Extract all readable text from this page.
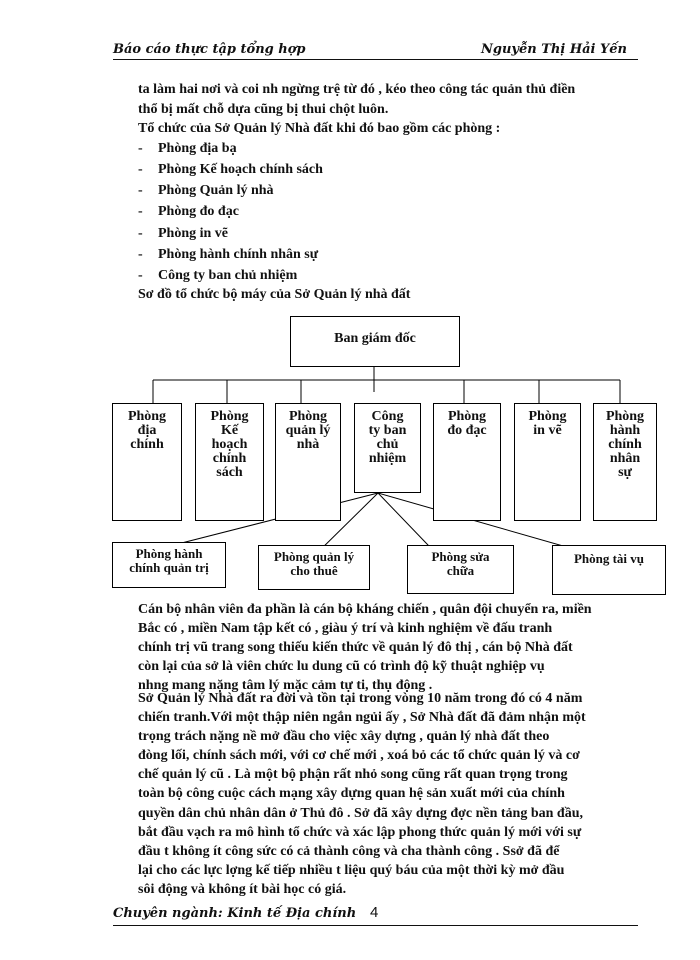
Báo cáo thực tập tổng hợp	Nguyễn Thị Hải Yến
ta làm hai nơi và coi nh ngừng trệ từ đó , kéo theo công tác quản thủ điền
thổ bị mất chỗ dựa cũng bị thui chột luôn.
Tổ chức của Sở Quản lý Nhà đất khi đó bao gồm các phòng :
- Phòng địa bạ
- Phòng Kế hoạch chính sách
- Phòng Quản lý nhà
- Phòng đo đạc
- Phòng in vẽ
- Phòng hành chính nhân sự
- Công ty ban chủ nhiệm
Sơ đồ tổ chức bộ máy của Sở Quản lý nhà đất
Ban giám đốc
Phòng
địa
chính
Phòng
Kế
hoạch
chính
sách
Phòng
quản lý
nhà
Công
ty ban
chủ
nhiệm
Phòng
đo đạc
Phòng
in vẽ
Phòng
hành
chính
nhân
sự
Phòng hành
chính quản trị
Phòng quản lý
cho thuê
Phòng sửa
chữa
Phòng tài vụ
Cán bộ nhân viên đa phần là cán bộ kháng chiến , quân đội chuyển ra, miền
Bắc có , miền Nam tập kết có , giàu ý trí và kinh nghiệm về đấu tranh
chính trị vũ trang song thiếu kiến thức về quản lý đô thị , cán bộ Nhà đất
còn lại của sở là viên chức lu dung cũ có trình độ kỹ thuật nghiệp vụ
nhng mang nặng tâm lý mặc cảm tự ti, thụ động .
Sở Quản lý Nhà đất ra đời và tồn tại trong vòng 10 năm trong đó có 4 năm
chiến tranh.Với một thập niên ngắn ngủi ấy , Sở Nhà đất đã đảm nhận một
trọng trách nặng nề mở đầu cho việc xây dựng , quản lý nhà đất theo
đòng lối, chính sách mới, với cơ chế mới , xoá bỏ các tổ chức quản lý và cơ
chế quản lý cũ . Là một bộ phận rất nhỏ song cũng rất quan trọng trong
toàn bộ công cuộc cách mạng xây dựng quan hệ sản xuất mới của chính
quyền dân chủ nhân dân ở Thủ đô . Sở đã xây dựng đợc nền tảng ban đầu,
bắt đầu vạch ra mô hình tổ chức và xác lập phong thức quản lý mới với sự
đầu t không ít công sức có cả thành công và cha thành công . Ssở đã để
lại cho các lực lợng kế tiếp nhiều t liệu quý báu của một thời kỳ mở đầu
sôi động và không ít bài học có giá.
Chuyên ngành: Kinh tế Địa chính 4
